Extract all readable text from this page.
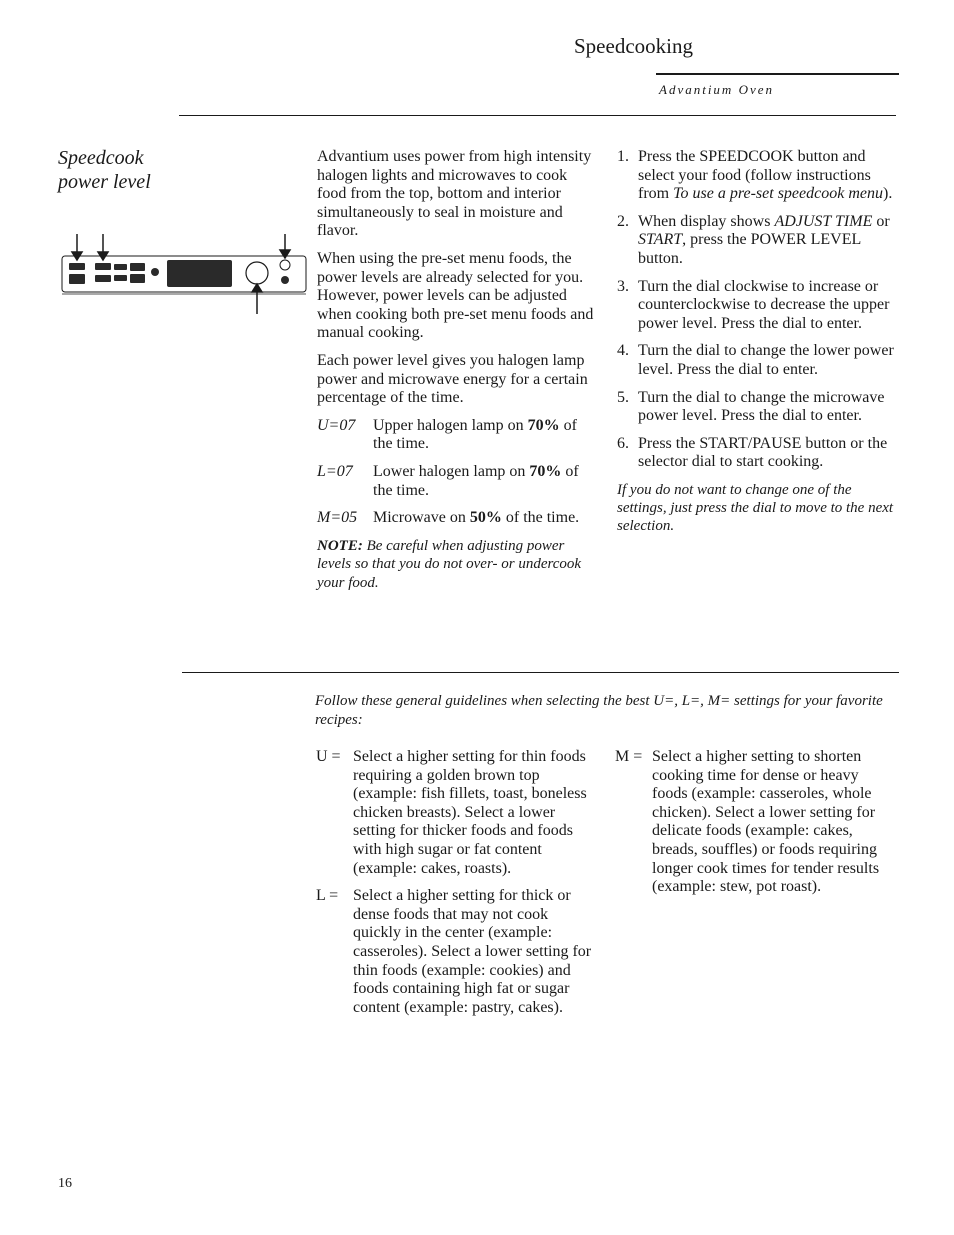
Speedcooking
Advantium Oven
Speedcook
power level

Advantium uses power from high intensity halogen lights and microwaves to cook food from the top, bottom and interior simultaneously to seal in moisture and flavor.

When using the pre-set menu foods, the power levels are already selected for you. However, power levels can be adjusted when cooking both pre-set menu foods and manual cooking.

Each power level gives you halogen lamp power and microwave energy for a certain percentage of the time.

U=07	Upper halogen lamp on 70% of the time.
L=07	Lower halogen lamp on 70% of the time.
M=05 Microwave on 50% of the time.

NOTE: Be careful when adjusting power levels so that you do not over- or undercook your food.

1. Press the SPEEDCOOK button and select your food (follow instructions from To use a pre-set speedcook menu).
2. When display shows ADJUST TIME or START, press the POWER LEVEL button.
3. Turn the dial clockwise to increase or counterclockwise to decrease the upper power level. Press the dial to enter.
4. Turn the dial to change the lower power level. Press the dial to enter.
5. Turn the dial to change the microwave power level. Press the dial to enter.
6. Press the START/PAUSE button or the selector dial to start cooking.
If you do not want to change one of the settings, just press the dial to move to the next selection.
Follow these general guidelines when selecting the best U=, L=, M= settings for your favorite recipes:
U = Select a higher setting for thin foods requiring a golden brown top (example: fish fillets, toast, boneless chicken breasts). Select a lower setting for thicker foods and foods with high sugar or fat content (example: cakes, roasts).
L = Select a higher setting for thick or dense foods that may not cook quickly in the center (example: casseroles). Select a lower setting for thin foods (example: cookies) and foods containing high fat or sugar content (example: pastry, cakes).
M = Select a higher setting to shorten cooking time for dense or heavy foods (example: casseroles, whole chicken). Select a lower setting for delicate foods (example: cakes, breads, souffles) or foods requiring longer cook times for tender results (example: stew, pot roast).
16
